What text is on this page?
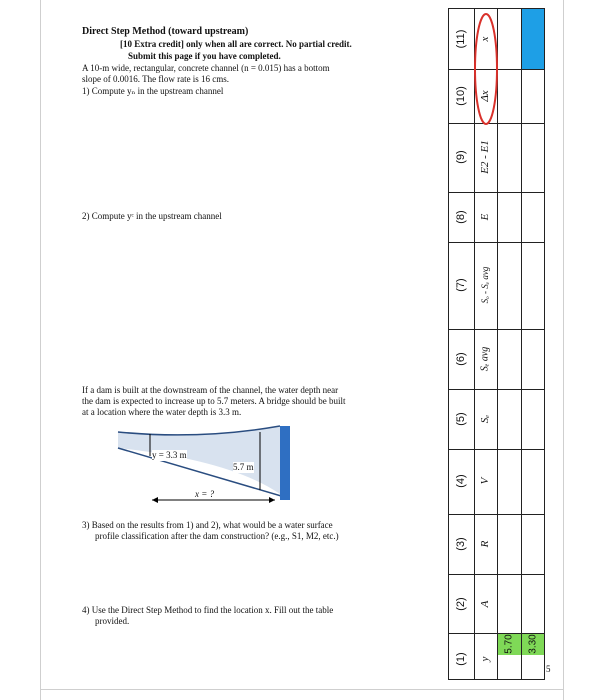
Direct Step Method (toward upstream)
[10 Extra credit] only when all are correct. No partial credit.
Submit this page if you have completed.
A 10-m wide, rectangular, concrete channel (n = 0.015) has a bottom
slope of 0.0016. The flow rate is 16 cms.
1) Compute yₙ in the upstream channel
2) Compute yᶜ in the upstream channel
If a dam is built at the downstream of the channel, the water depth near
the dam is expected to increase up to 5.7 meters. A bridge should be built
at a location where the water depth is 3.3 m.
y = 3.3 m
5.7 m
x = ?
3) Based on the results from 1) and 2), what would be a water surface
profile classification after the dam construction? (e.g., S1, M2, etc.)
4) Use the Direct Step Method to find the location x. Fill out the table
provided.
(1)
(2)
(3)
(4)
(5)
(6)
(7)
(8)
(9)
(10)
(11)
y
A
R
V
Sₑ
Sₑ avg
Sₒ - Sₑ avg
E
E2 - E1
Δx
x
5.70 3.30
5
